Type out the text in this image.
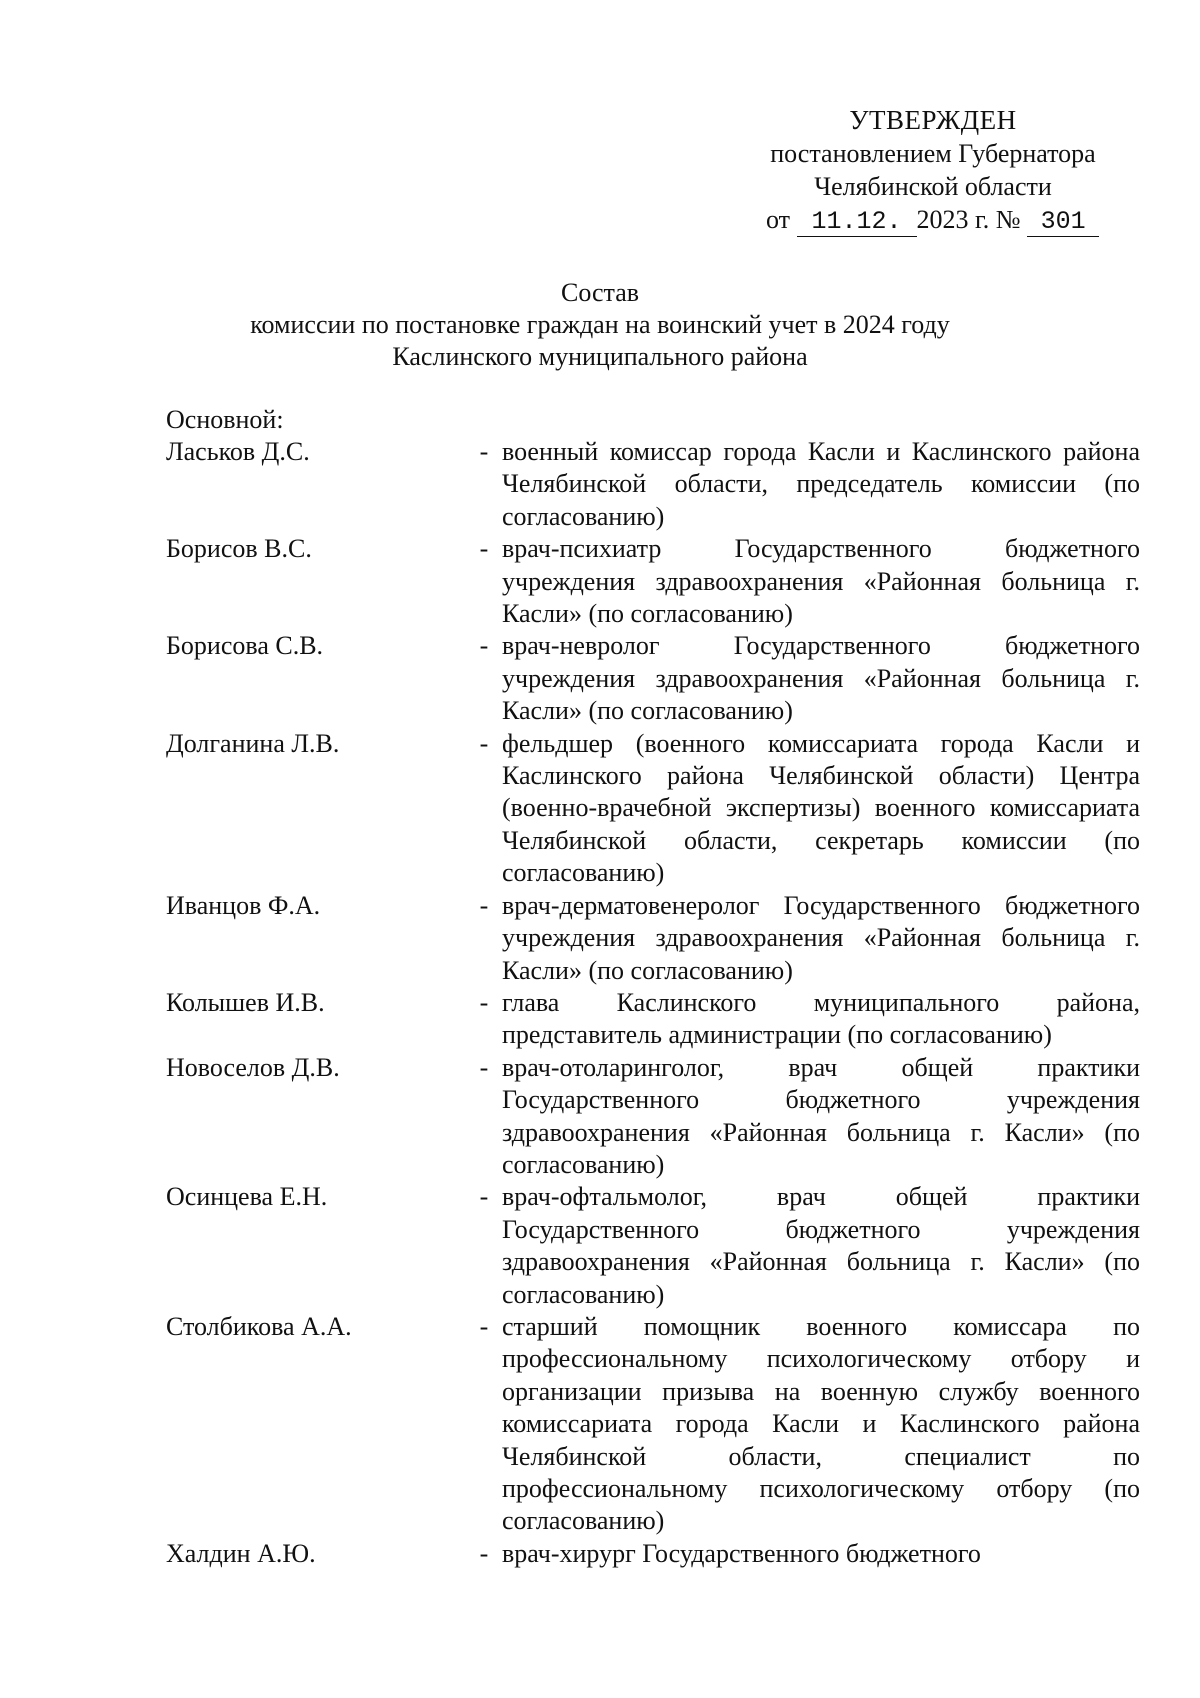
УТВЕРЖДЕН
постановлением Губернатора
Челябинской области
от 11.12. 2023 г. № 301
Состав
комиссии по постановке граждан на воинский учет в 2024 году
Каслинского муниципального района
Основной:
Ласьков Д.С.	- военный комиссар города Касли и Каслинского района Челябинской области, председатель комиссии (по согласованию)
Борисов В.С.	- врач-психиатр Государственного бюджетного учреждения здравоохранения «Районная больница г. Касли» (по согласованию)
Борисова С.В.	- врач-невролог Государственного бюджетного учреждения здравоохранения «Районная больница г. Касли» (по согласованию)
Долганина Л.В.	- фельдшер (военного комиссариата города Касли и Каслинского района Челябинской области) Центра (военно-врачебной экспертизы) военного комиссариата Челябинской области, секретарь комиссии (по согласованию)
Иванцов Ф.А.	- врач-дерматовенеролог Государственного бюджетного учреждения здравоохранения «Районная больница г. Касли» (по согласованию)
Колышев И.В.	- глава Каслинского муниципального района, представитель администрации (по согласованию)
Новоселов Д.В.	- врач-отоларинголог, врач общей практики Государственного бюджетного учреждения здравоохранения «Районная больница г. Касли» (по согласованию)
Осинцева Е.Н.	- врач-офтальмолог, врач общей практики Государственного бюджетного учреждения здравоохранения «Районная больница г. Касли» (по согласованию)
Столбикова А.А.	- старший помощник военного комиссара по профессиональному психологическому отбору и организации призыва на военную службу военного комиссариата города Касли и Каслинского района Челябинской области, специалист по профессиональному психологическому отбору (по согласованию)
Халдин А.Ю.	- врач-хирург Государственного бюджетного
